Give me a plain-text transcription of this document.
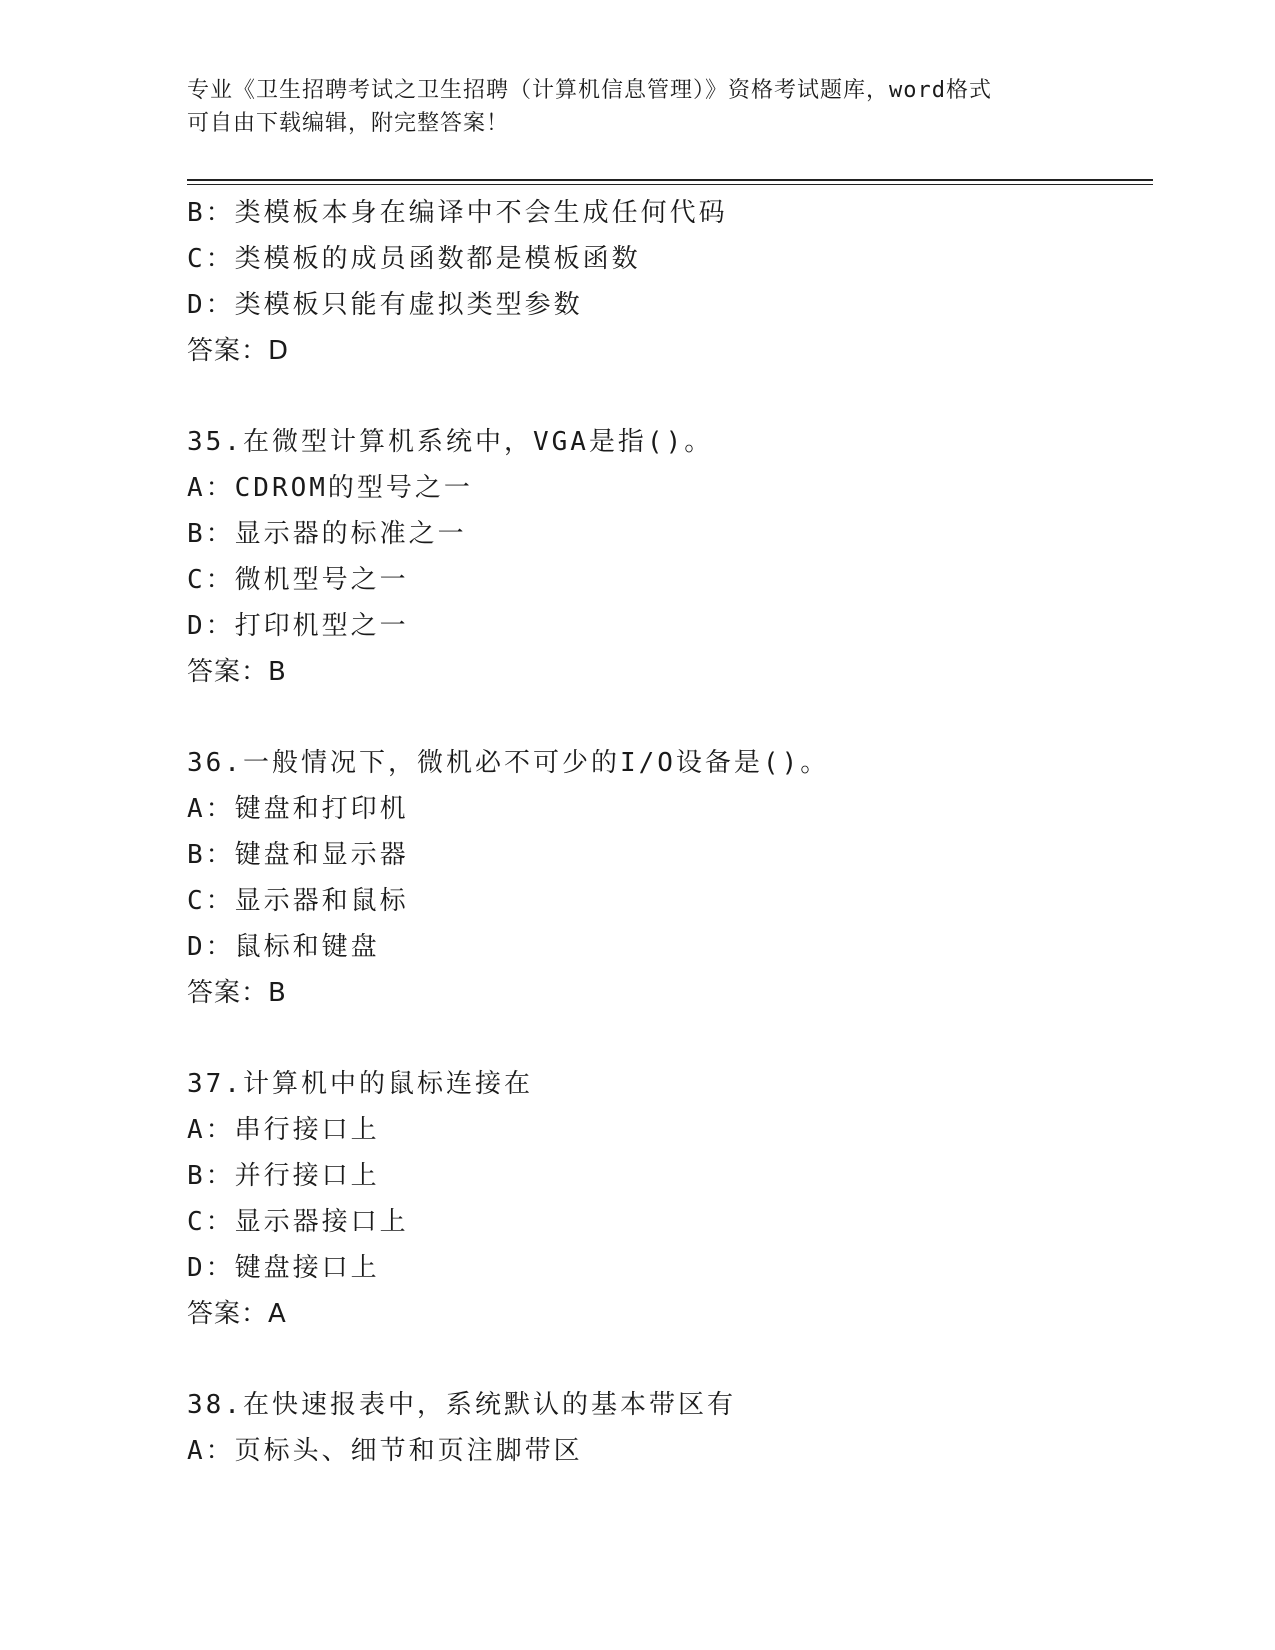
专业《卫生招聘考试之卫生招聘（计算机信息管理）》资格考试题库，word格式
可自由下载编辑，附完整答案！
B：类模板本身在编译中不会生成任何代码
C：类模板的成员函数都是模板函数
D：类模板只能有虚拟类型参数
答案：D
35.在微型计算机系统中，VGA是指()。
A：CDROM的型号之一
B：显示器的标准之一
C：微机型号之一
D：打印机型之一
答案：B
36.一般情况下，微机必不可少的I/O设备是()。
A：键盘和打印机
B：键盘和显示器
C：显示器和鼠标
D：鼠标和键盘
答案：B
37.计算机中的鼠标连接在
A：串行接口上
B：并行接口上
C：显示器接口上
D：键盘接口上
答案：A
38.在快速报表中，系统默认的基本带区有
A：页标头、细节和页注脚带区
